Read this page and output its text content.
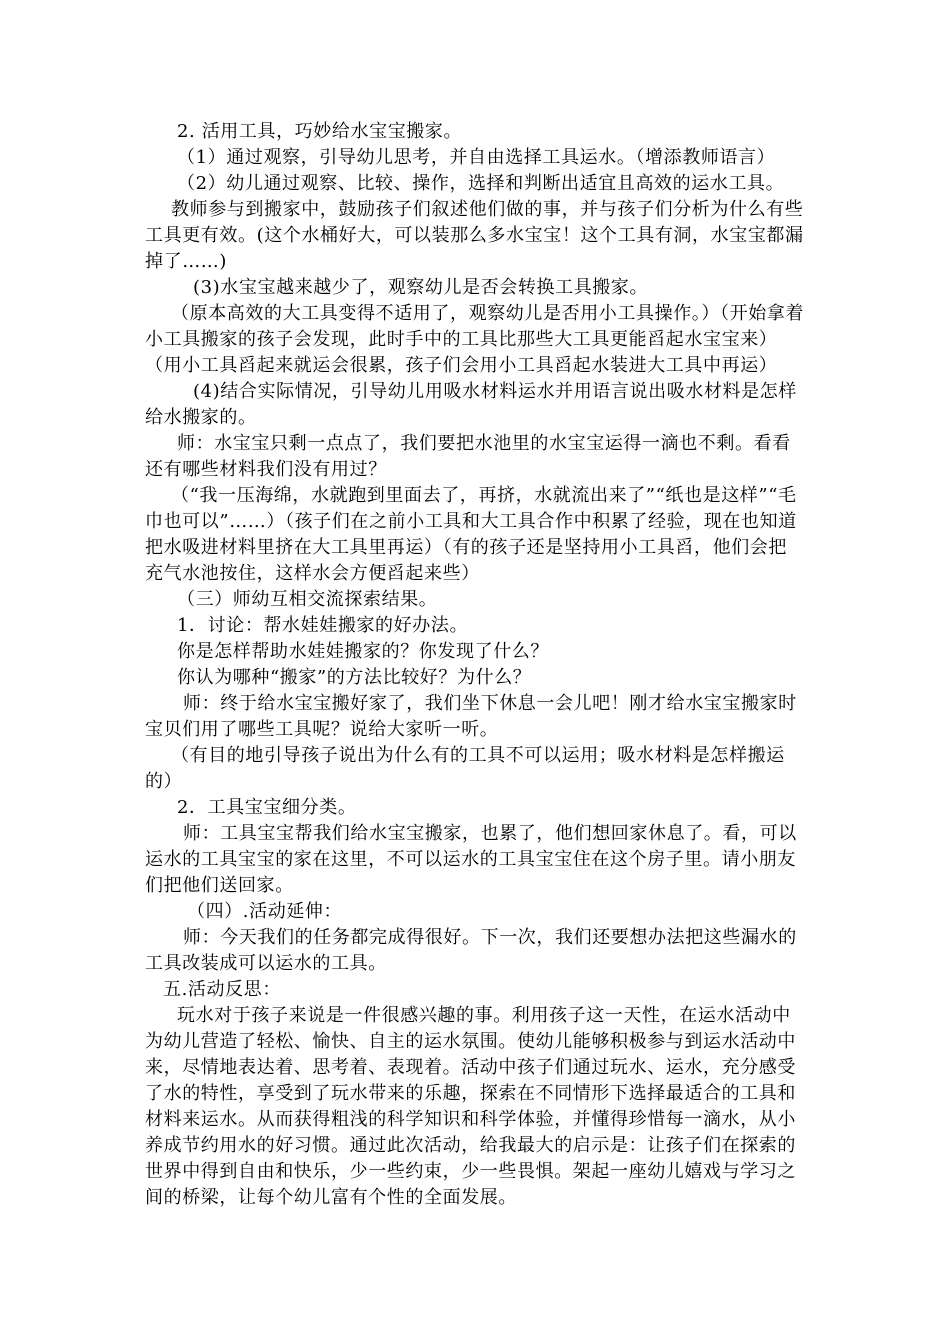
2. 活用工具，巧妙给水宝宝搬家。

（1）通过观察，引导幼儿思考，并自由选择工具运水。（增添教师语言）

（2）幼儿通过观察、比较、操作，选择和判断出适宜且高效的运水工具。

教师参与到搬家中，鼓励孩子们叙述他们做的事，并与孩子们分析为什么有些工具更有效。(这个水桶好大，可以装那么多水宝宝！这个工具有洞，水宝宝都漏掉了……)

(3)水宝宝越来越少了，观察幼儿是否会转换工具搬家。

（原本高效的大工具变得不适用了，观察幼儿是否用小工具操作。）（开始拿着小工具搬家的孩子会发现，此时手中的工具比那些大工具更能舀起水宝宝来）（用小工具舀起来就运会很累，孩子们会用小工具舀起水装进大工具中再运）

(4)结合实际情况，引导幼儿用吸水材料运水并用语言说出吸水材料是怎样给水搬家的。

师：水宝宝只剩一点点了，我们要把水池里的水宝宝运得一滴也不剩。看看还有哪些材料我们没有用过？

（“我一压海绵，水就跑到里面去了，再挤，水就流出来了”“纸也是这样”“毛巾也可以”……）（孩子们在之前小工具和大工具合作中积累了经验，现在也知道把水吸进材料里挤在大工具里再运）（有的孩子还是坚持用小工具舀，他们会把充气水池按住，这样水会方便舀起来些）

（三）师幼互相交流探索结果。

1．讨论：帮水娃娃搬家的好办法。

你是怎样帮助水娃娃搬家的？你发现了什么？

你认为哪种“搬家”的方法比较好？为什么？

师：终于给水宝宝搬好家了，我们坐下休息一会儿吧！刚才给水宝宝搬家时宝贝们用了哪些工具呢？说给大家听一听。

（有目的地引导孩子说出为什么有的工具不可以运用；吸水材料是怎样搬运的）

2．工具宝宝细分类。

师：工具宝宝帮我们给水宝宝搬家，也累了，他们想回家休息了。看，可以运水的工具宝宝的家在这里，不可以运水的工具宝宝住在这个房子里。请小朋友们把他们送回家。

（四）.活动延伸：

师：今天我们的任务都完成得很好。下一次，我们还要想办法把这些漏水的工具改装成可以运水的工具。

五.活动反思：

玩水对于孩子来说是一件很感兴趣的事。利用孩子这一天性，在运水活动中为幼儿营造了轻松、愉快、自主的运水氛围。使幼儿能够积极参与到运水活动中来，尽情地表达着、思考着、表现着。活动中孩子们通过玩水、运水，充分感受了水的特性，享受到了玩水带来的乐趣，探索在不同情形下选择最适合的工具和材料来运水。从而获得粗浅的科学知识和科学体验，并懂得珍惜每一滴水，从小养成节约用水的好习惯。通过此次活动，给我最大的启示是：让孩子们在探索的世界中得到自由和快乐，少一些约束，少一些畏惧。架起一座幼儿嬉戏与学习之间的桥梁，让每个幼儿富有个性的全面发展。
